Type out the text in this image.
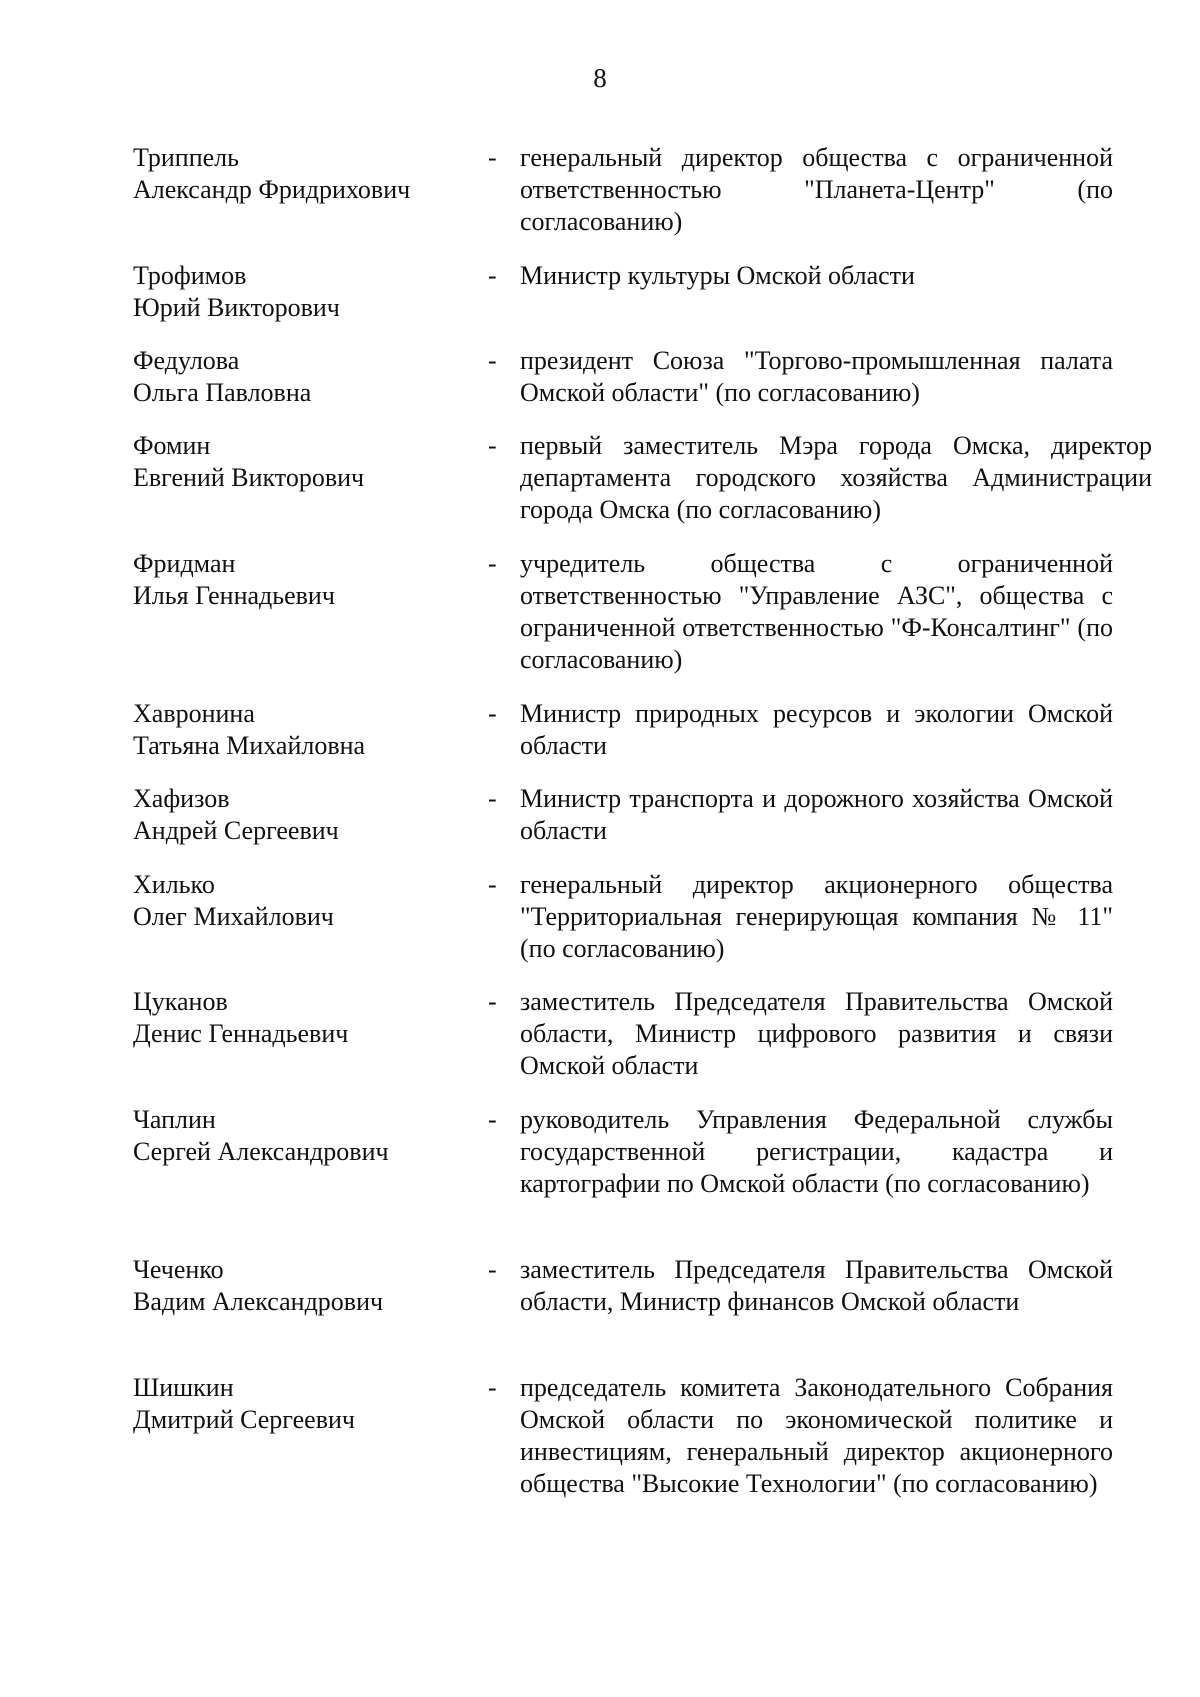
8
Триппель
Александр Фридрихович
- генеральный директор общества с ограниченной ответственностью "Планета-Центр" (по согласованию)
Трофимов
Юрий Викторович
- Министр культуры Омской области
Федулова
Ольга Павловна
- президент Союза "Торгово-промышленная палата Омской области" (по согласованию)
Фомин
Евгений Викторович
- первый заместитель Мэра города Омска, директор департамента городского хозяйства Администрации города Омска (по согласованию)
Фридман
Илья Геннадьевич
- учредитель общества с ограниченной ответственностью "Управление АЗС", общества с ограниченной ответственностью "Ф-Консалтинг" (по согласованию)
Хавронина
Татьяна Михайловна
- Министр природных ресурсов и экологии Омской области
Хафизов
Андрей Сергеевич
- Министр транспорта и дорожного хозяйства Омской области
Хилько
Олег Михайлович
- генеральный директор акционерного общества "Территориальная генерирующая компания № 11" (по согласованию)
Цуканов
Денис Геннадьевич
- заместитель Председателя Правительства Омской области, Министр цифрового развития и связи Омской области
Чаплин
Сергей Александрович
- руководитель Управления Федеральной службы государственной регистрации, кадастра и картографии по Омской области (по согласованию)
Чеченко
Вадим Александрович
- заместитель Председателя Правительства Омской области, Министр финансов Омской области
Шишкин
Дмитрий Сергеевич
- председатель комитета Законодательного Собрания Омской области по экономической политике и инвестициям, генеральный директор акционерного общества "Высокие Технологии" (по согласованию)
